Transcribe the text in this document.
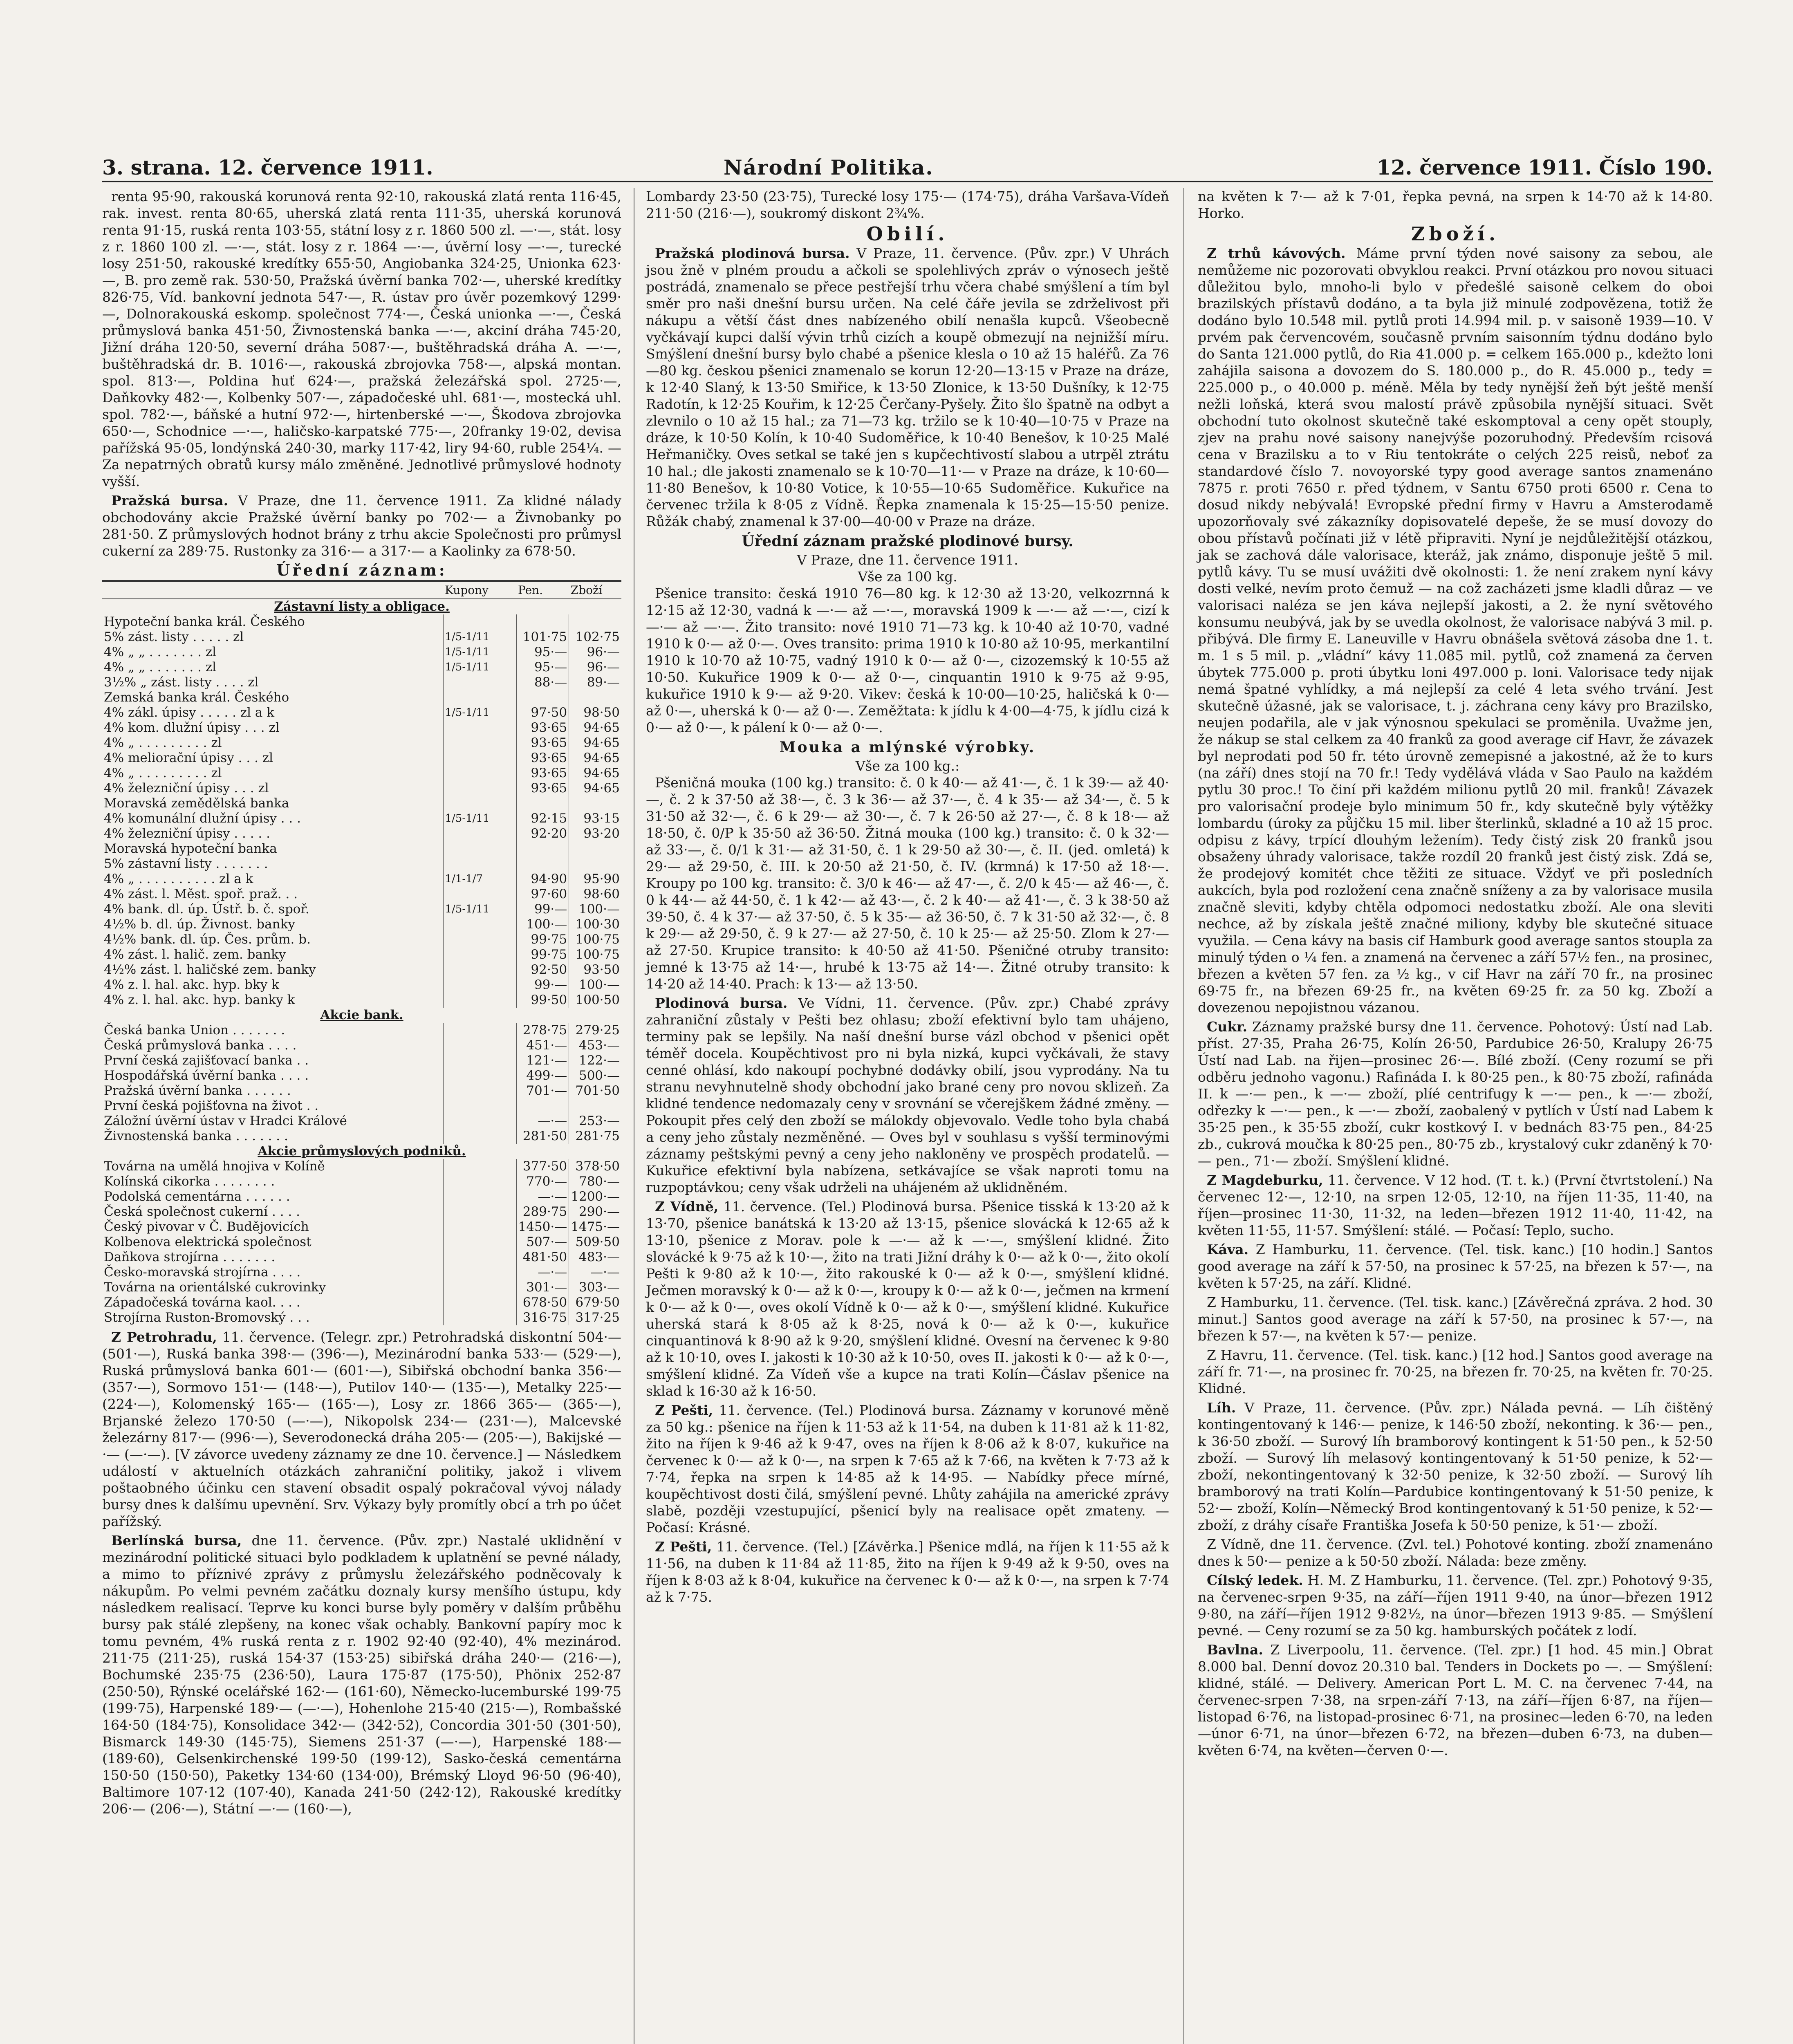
3. strana. 12. července 1911.	Národní Politika.	12. července 1911. Číslo 190.

renta 95·90, rakouská korunová renta 92·10, rakouská zlatá renta 116·45, rak. invest. renta 80·65, uherská zlatá renta 111·35, uherská korunová renta 91·15, ruská renta 103·55, státní losy z r. 1860 500 zl. —·—, stát. losy z r. 1860 100 zl. —·—, stát. losy z r. 1864 —·—, úvěrní losy —·—, turecké losy 251·50, rakouské kredítky 655·50, Angiobanka 324·25, Unionka 623·—, B. pro země rak. 530·50, Pražská úvěrní banka 702·—, uherské kredítky 826·75, Víd. bankovní jednota 547·—, R. ústav pro úvěr pozemkový 1299·—, Dolnorakouská eskomp. společnost 774·—, Česká unionka —·—, Česká průmyslová banka 451·50, Živnostenská banka —·—, akciní dráha 745·20, Jižní dráha 120·50, severní dráha 5087·—, buštěhradská dráha A. —·—, buštěhradská dr. B. 1016·—, rakouská zbrojovka 758·—, alpská montan. spol. 813·—, Poldina huť 624·—, pražská železářská spol. 2725·—, Daňkovky 482·—, Kolbenky 507·—, západočeské uhl. 681·—, mostecká uhl. spol. 782·—, báňské a hutní 972·—, hirtenberské —·—, Škodova zbrojovka 650·—, Schodnice —·—, haličsko-karpatské 775·—, 20franky 19·02, devisa pařížská 95·05, londýnská 240·30, marky 117·42, liry 94·60, ruble 254¼. — Za nepatrných obratů kursy málo změněné. Jednotlivé průmyslové hodnoty vyšší.

Pražská bursa. V Praze, dne 11. července 1911. Za klidné nálady obchodovány akcie Pražské úvěrní banky po 702·— a Živnobanky po 281·50. Z průmyslových hodnot brány z trhu akcie Společnosti pro průmysl cukerní za 289·75. Rustonky za 316·— a 317·— a Kaolinky za 678·50.

Úřední záznam:
	Kupony	Pen.	Zboží
Zástavní listy a obligace.			
Hypoteční banka král. Českého			
5% zást. listy . . . . . zl	1/5-1/11	101·75	102·75
4% „ „ . . . . . . . zl	1/5-1/11	95·—	96·—
4% „ „ . . . . . . . zl	1/5-1/11	95·—	96·—
3½% „ zást. listy . . . . zl		88·—	89·—
Zemská banka král. Českého			
4% zákl. úpisy . . . . . zl a k	1/5-1/11	97·50	98·50
4% kom. dlužní úpisy . . . zl		93·65	94·65
4% „ . . . . . . . . . zl		93·65	94·65
4% meliorační úpisy . . . zl		93·65	94·65
4% „ . . . . . . . . . zl		93·65	94·65
4% železniční úpisy . . . zl		93·65	94·65
Moravská zemědělská banka			
4% komunální dlužní úpisy . . .	1/5-1/11	92·15	93·15
4% železniční úpisy . . . . .		92·20	93·20
Moravská hypoteční banka			
5% zástavní listy . . . . . . .			
4% „ . . . . . . . . . . zl a k	1/1-1/7	94·90	95·90
4% zást. l. Měst. spoř. praž. . .		97·60	98·60
4% bank. dl. úp. Ústř. b. č. spoř.	1/5-1/11	99·—	100·—
4½% b. dl. úp. Živnost. banky		100·—	100·30
4½% bank. dl. úp. Čes. prům. b.		99·75	100·75
4% zást. l. halič. zem. banky		99·75	100·75
4½% zást. l. haličské zem. banky		92·50	93·50
4% z. l. hal. akc. hyp. bky k		99·—	100·—
4% z. l. hal. akc. hyp. banky k		99·50	100·50
Akcie bank.			
Česká banka Union . . . . . . .		278·75	279·25
Česká průmyslová banka . . . .		451·—	453·—
První česká zajišťovací banka . .		121·—	122·—
Hospodářská úvěrní banka . . . .		499·—	500·—
Pražská úvěrní banka . . . . . .		701·—	701·50
První česká pojišťovna na život . .			
Záložní úvěrní ústav v Hradci Králové		—·—	253·—
Živnostenská banka . . . . . . .		281·50	281·75
Akcie průmyslových podniků.			
Továrna na umělá hnojiva v Kolíně		377·50	378·50
Kolínská cikorka . . . . . . . .		770·—	780·—
Podolská cementárna . . . . . .		—·—	1200·—
Česká společnost cukerní . . . .		289·75	290·—
Český pivovar v Č. Budějovicích		1450·—	1475·—
Kolbenova elektrická společnost		507·—	509·50
Daňkova strojírna . . . . . . .		481·50	483·—
Česko-moravská strojírna . . . .		—·—	—·—
Továrna na orientálské cukrovinky		301·—	303·—
Západočeská továrna kaol. . . .		678·50	679·50
Strojírna Ruston-Bromovský . . .		316·75	317·25

Z Petrohradu, 11. července. (Telegr. zpr.) Petrohradská diskontní 504·— (501·—), Ruská banka 398·— (396·—), Mezinárodní banka 533·— (529·—), Ruská průmyslová banka 601·— (601·—), Sibiřská obchodní banka 356·— (357·—), Sormovo 151·— (148·—), Putilov 140·— (135·—), Metalky 225·— (224·—), Kolomenský 165·— (165·—), Losy zr. 1866 365·— (365·—), Brjanské železo 170·50 (—·—), Nikopolsk 234·— (231·—), Malcevské železárny 817·— (996·—), Severodonecká dráha 205·— (205·—), Bakijské —·— (—·—). [V závorce uvedeny záznamy ze dne 10. července.] — Následkem událostí v aktuelních otázkách zahraniční politiky, jakož i vlivem poštaobného účinku cen stavení obsadit ospalý pokračoval vývoj nálady bursy dnes k dalšímu upevnění. Srv. Výkazy byly promítly obcí a trh po účet pařížský.

Berlínská bursa, dne 11. července. (Pův. zpr.) Nastalé uklidnění v mezinárodní politické situaci bylo podkladem k uplatnění se pevné nálady, a mimo to příznivé zprávy z průmyslu železářského podněcovaly k nákupům. Po velmi pevném začátku doznaly kursy menšího ústupu, kdy následkem realisací. Teprve ku konci burse byly poměry v dalším průběhu bursy pak stálé zlepšeny, na konec však ochably. Bankovní papíry moc k tomu pevném, 4% ruská renta z r. 1902 92·40 (92·40), 4% mezinárod. 211·75 (211·25), ruská 154·37 (153·25) sibiřská dráha 240·— (216·—), Bochumské 235·75 (236·50), Laura 175·87 (175·50), Phönix 252·87 (250·50), Rýnské ocelářské 162·— (161·60), Německo-lucemburské 199·75 (199·75), Harpenské 189·— (—·—), Hohenlohe 215·40 (215·—), Rombašské 164·50 (184·75), Konsolidace 342·— (342·52), Concordia 301·50 (301·50), Bismarck 149·30 (145·75), Siemens 251·37 (—·—), Harpenské 188·— (189·60), Gelsenkirchenské 199·50 (199·12), Sasko-česká cementárna 150·50 (150·50), Paketky 134·60 (134·00), Brémský Lloyd 96·50 (96·40), Baltimore 107·12 (107·40), Kanada 241·50 (242·12), Rakouské kredítky 206·— (206·—), Státní —·— (160·—),

Lombardy 23·50 (23·75), Turecké losy 175·— (174·75), dráha Varšava-Vídeň 211·50 (216·—), soukromý diskont 2¾%.

Obilí.

Pražská plodinová bursa. V Praze, 11. července. (Pův. zpr.) V Uhrách jsou žně v plném proudu a ačkoli se spolehlivých zpráv o výnosech ještě postrádá, znamenalo se přece pestřejší trhu včera chabé smýšlení a tím byl směr pro naši dnešní bursu určen. Na celé čáře jevila se zdrželivost při nákupu a větší část dnes nabízeného obilí nenašla kupců. Všeobecně vyčkávají kupci další vývin trhů cizích a koupě obmezují na nejnižší míru. Smýšlení dnešní bursy bylo chabé a pšenice klesla o 10 až 15 haléřů. Za 76—80 kg. českou pšenici znamenalo se korun 12·20—13·15 v Praze na dráze, k 12·40 Slaný, k 13·50 Smiřice, k 13·50 Zlonice, k 13·50 Dušníky, k 12·75 Radotín, k 12·25 Kouřim, k 12·25 Čerčany-Pyšely. Žito šlo špatně na odbyt a zlevnilo o 10 až 15 hal.; za 71—73 kg. tržilo se k 10·40—10·75 v Praze na dráze, k 10·50 Kolín, k 10·40 Sudoměřice, k 10·40 Benešov, k 10·25 Malé Heřmaničky. Oves setkal se také jen s kupčechtivostí slabou a utrpěl ztrátu 10 hal.; dle jakosti znamenalo se k 10·70—11·— v Praze na dráze, k 10·60—11·80 Benešov, k 10·80 Votice, k 10·55—10·65 Sudoměřice. Kukuřice na červenec tržila k 8·05 z Vídně. Řepka znamenala k 15·25—15·50 penize. Růžák chabý, znamenal k 37·00—40·00 v Praze na dráze.

Úřední záznam pražské plodinové bursy.
V Praze, dne 11. července 1911.
Vše za 100 kg.

Pšenice transito: česká 1910 76—80 kg. k 12·30 až 13·20, velkozrnná k 12·15 až 12·30, vadná k —·— až —·—, moravská 1909 k —·— až —·—, cizí k —·— až —·—. Žito transito: nové 1910 71—73 kg. k 10·40 až 10·70, vadné 1910 k 0·— až 0·—. Oves transito: prima 1910 k 10·80 až 10·95, merkantilní 1910 k 10·70 až 10·75, vadný 1910 k 0·— až 0·—, cizozemský k 10·55 až 10·50. Kukuřice 1909 k 0·— až 0·—, cinquantin 1910 k 9·75 až 9·95, kukuřice 1910 k 9·— až 9·20. Vikev: česká k 10·00—10·25, haličská k 0·— až 0·—, uherská k 0·— až 0·—. Zeměžtata: k jídlu k 4·00—4·75, k jídlu cizá k 0·— až 0·—, k pálení k 0·— až 0·—.

Mouka a mlýnské výrobky.
Vše za 100 kg.:

Pšeničná mouka (100 kg.) transito: č. 0 k 40·— až 41·—, č. 1 k 39·— až 40·—, č. 2 k 37·50 až 38·—, č. 3 k 36·— až 37·—, č. 4 k 35·— až 34·—, č. 5 k 31·50 až 32·—, č. 6 k 29·— až 30·—, č. 7 k 26·50 až 27·—, č. 8 k 18·— až 18·50, č. 0/P k 35·50 až 36·50. Žitná mouka (100 kg.) transito: č. 0 k 32·— až 33·—, č. 0/1 k 31·— až 31·50, č. 1 k 29·50 až 30·—, č. II. (jed. omletá) k 29·— až 29·50, č. III. k 20·50 až 21·50, č. IV. (krmná) k 17·50 až 18·—. Kroupy po 100 kg. transito: č. 3/0 k 46·— až 47·—, č. 2/0 k 45·— až 46·—, č. 0 k 44·— až 44·50, č. 1 k 42·— až 43·—, č. 2 k 40·— až 41·—, č. 3 k 38·50 až 39·50, č. 4 k 37·— až 37·50, č. 5 k 35·— až 36·50, č. 7 k 31·50 až 32·—, č. 8 k 29·— až 29·50, č. 9 k 27·— až 27·50, č. 10 k 25·— až 25·50. Zlom k 27·— až 27·50. Krupice transito: k 40·50 až 41·50. Pšeničné otruby transito: jemné k 13·75 až 14·—, hrubé k 13·75 až 14·—. Žitné otruby transito: k 14·20 až 14·40. Prach: k 13·— až 13·50.

Plodinová bursa. Ve Vídni, 11. července. (Pův. zpr.) Chabé zprávy zahraniční zůstaly v Pešti bez ohlasu; zboží efektivní bylo tam uhájeno, terminy pak se lepšily. Na naší dnešní burse vázl obchod v pšenici opět téměř docela. Koupěchtivost pro ni byla nizká, kupci vyčkávali, že stavy cenné ohlásí, kdo nakoupí pochybné dodávky obilí, jsou vyprodány. Na tu stranu nevyhnutelně shody obchodní jako brané ceny pro novou sklizeň. Za klidné tendence nedomazaly ceny v srovnání se včerejškem žádné změny. — Pokoupit přes celý den zboží se málokdy objevovalo. Vedle toho byla chabá a ceny jeho zůstaly nezměněné. — Oves byl v souhlasu s vyšší terminovými záznamy peštskými pevný a ceny jeho nakloněny ve prospěch prodatelů. — Kukuřice efektivní byla nabízena, setkávajíce se však naproti tomu na ruzpoptávkou; ceny však udrželi na uhájeném až uklidněném.

Z Vídně, 11. července. (Tel.) Plodinová bursa. Pšenice tisská k 13·20 až k 13·70, pšenice banátská k 13·20 až 13·15, pšenice slovácká k 12·65 až k 13·10, pšenice z Morav. pole k —·— až k —·—, smýšlení klidné. Žito slovácké k 9·75 až k 10·—, žito na trati Jižní dráhy k 0·— až k 0·—, žito okolí Pešti k 9·80 až k 10·—, žito rakouské k 0·— až k 0·—, smýšlení klidné. Ječmen moravský k 0·— až k 0·—, kroupy k 0·— až k 0·—, ječmen na krmení k 0·— až k 0·—, oves okolí Vídně k 0·— až k 0·—, smýšlení klidné. Kukuřice uherská stará k 8·05 až k 8·25, nová k 0·— až k 0·—, kukuřice cinquantinová k 8·90 až k 9·20, smýšlení klidné. Ovesní na červenec k 9·80 až k 10·10, oves I. jakosti k 10·30 až k 10·50, oves II. jakosti k 0·— až k 0·—, smýšlení klidné. Za Vídeň vše a kupce na trati Kolín—Čáslav pšenice na sklad k 16·30 až k 16·50.

Z Pešti, 11. července. (Tel.) Plodinová bursa. Záznamy v korunové měně za 50 kg.: pšenice na říjen k 11·53 až k 11·54, na duben k 11·81 až k 11·82, žito na říjen k 9·46 až k 9·47, oves na říjen k 8·06 až k 8·07, kukuřice na červenec k 0·— až k 0·—, na srpen k 7·65 až k 7·66, na květen k 7·73 až k 7·74, řepka na srpen k 14·85 až k 14·95. — Nabídky přece mírné, koupěchtivost dosti čilá, smýšlení pevné. Lhůty zahájila na americké zprávy slabě, později vzestupující, pšenicí byly na realisace opět zmateny. — Počasí: Krásné.

Z Pešti, 11. července. (Tel.) [Závěrka.] Pšenice mdlá, na říjen k 11·55 až k 11·56, na duben k 11·84 až 11·85, žito na říjen k 9·49 až k 9·50, oves na říjen k 8·03 až k 8·04, kukuřice na červenec k 0·— až k 0·—, na srpen k 7·74 až k 7·75.

na květen k 7·— až k 7·01, řepka pevná, na srpen k 14·70 až k 14·80. Horko.

Zboží.

Z trhů kávových. Máme první týden nové saisony za sebou, ale nemůžeme nic pozorovati obvyklou reakci. První otázkou pro novou situaci důležitou bylo, mnoho-li bylo v předešlé saisoně celkem do oboi brazilských přístavů dodáno, a ta byla již minulé zodpovězena, totiž že dodáno bylo 10.548 mil. pytlů proti 14.994 mil. p. v saisoně 1939—10. V prvém pak červencovém, současně prvním saisonním týdnu dodáno bylo do Santa 121.000 pytlů, do Ria 41.000 p. = celkem 165.000 p., kdežto loni zahájila saisona a dovozem do S. 180.000 p., do R. 45.000 p., tedy = 225.000 p., o 40.000 p. méně. Měla by tedy nynější žeň být ještě menší nežli loňská, která svou malostí právě způsobila nynější situaci. Svět obchodní tuto okolnost skutečně také eskomptoval a ceny opět stouply, zjev na prahu nové saisony nanejvýše pozoruhodný. Především rcisová cena v Brazilsku a to v Riu tentokráte o celých 225 reisů, neboť za standardové číslo 7. novoyorské typy good average santos znamenáno 7875 r. proti 7650 r. před týdnem, v Santu 6750 proti 6500 r. Cena to dosud nikdy nebývalá! Evropské přední firmy v Havru a Amsterodamě upozorňovaly své zákazníky dopisovatelé depeše, že se musí dovozy do obou přístavů počínati již v létě připraviti. Nyní je nejdůležitější otázkou, jak se zachová dále valorisace, kteráž, jak známo, disponuje ještě 5 mil. pytlů kávy. Tu se musí uvážiti dvě okolnosti: 1. že není zrakem nyní kávy dosti velké, nevím proto čemuž — na což zacházeti jsme kladli důraz — ve valorisaci naléza se jen káva nejlepší jakosti, a 2. že nyní světového konsumu neubývá, jak by se uvedla okolnost, že valorisace nabývá 3 mil. p. přibývá. Dle firmy E. Laneuville v Havru obnášela světová zásoba dne 1. t. m. 1 s 5 mil. p. „vládní“ kávy 11.085 mil. pytlů, což znamená za červen úbytek 775.000 p. proti úbytku loni 497.000 p. loni. Valorisace tedy nijak nemá špatné vyhlídky, a má nejlepší za celé 4 leta svého trvání. Jest skutečně úžasné, jak se valorisace, t. j. záchrana ceny kávy pro Brazilsko, neujen podařila, ale v jak výnosnou spekulaci se proměnila. Uvažme jen, že nákup se stal celkem za 40 franků za good average cif Havr, že závazek byl neprodati pod 50 fr. této úrovně zemepisné a jakostné, až že to kurs (na září) dnes stojí na 70 fr.! Tedy vydělává vláda v Sao Paulo na každém pytlu 30 proc.! To činí při každém milionu pytlů 20 mil. franků! Závazek pro valorisační prodeje bylo minimum 50 fr., kdy skutečně byly výtěžky lombardu (úroky za půjčku 15 mil. liber šterlinků, skladné a 10 až 15 proc. odpisu z kávy, trpící dlouhým ležením). Tedy čistý zisk 20 franků jsou obsaženy úhrady valorisace, takže rozdíl 20 franků jest čistý zisk. Zdá se, že prodejový komitét chce těžiti ze situace. Vždyť ve při posledních aukcích, byla pod rozložení cena značně sníženy a za by valorisace musila značně sleviti, kdyby chtěla odpomoci nedostatku zboží. Ale ona sleviti nechce, až by získala ještě značné miliony, kdyby ble skutečné situace využila. — Cena kávy na basis cif Hamburk good average santos stoupla za minulý týden o ¼ fen. a znamená na červenec a září 57½ fen., na prosinec, březen a květen 57 fen. za ½ kg., v cif Havr na září 70 fr., na prosinec 69·75 fr., na březen 69·25 fr., na květen 69·25 fr. za 50 kg. Zboží a dovezenou nepojistnou vázanou.

Cukr. Záznamy pražské bursy dne 11. července. Pohotový: Ústí nad Lab. příst. 27·35, Praha 26·75, Kolín 26·50, Pardubice 26·50, Kralupy 26·75 Ústí nad Lab. na řijen—prosinec 26·—. Bílé zboží. (Ceny rozumí se při odběru jednoho vagonu.) Rafináda I. k 80·25 pen., k 80·75 zboží, rafináda II. k —·— pen., k —·— zboží, plíé centrifugy k —·— pen., k —·— zboží, odřezky k —·— pen., k —·— zboží, zaobalený v pytlích v Ústí nad Labem k 35·25 pen., k 35·55 zboží, cukr kostkový I. v bednách 83·75 pen., 84·25 zb., cukrová moučka k 80·25 pen., 80·75 zb., krystalový cukr zdaněný k 70·— pen., 71·— zboží. Smýšlení klidné.

Z Magdeburku, 11. července. V 12 hod. (T. t. k.) (První čtvrtstolení.) Na červenec 12·—, 12·10, na srpen 12·05, 12·10, na říjen 11·35, 11·40, na říjen—prosinec 11·30, 11·32, na leden—březen 1912 11·40, 11·42, na květen 11·55, 11·57. Smýšlení: stálé. — Počasí: Teplo, sucho.

Káva. Z Hamburku, 11. července. (Tel. tisk. kanc.) [10 hodin.] Santos good average na září k 57·50, na prosinec k 57·25, na březen k 57·—, na květen k 57·25, na září. Klidné.

Z Hamburku, 11. července. (Tel. tisk. kanc.) [Závěrečná zpráva. 2 hod. 30 minut.] Santos good average na září k 57·50, na prosinec k 57·—, na březen k 57·—, na květen k 57·— penize.

Z Havru, 11. července. (Tel. tisk. kanc.) [12 hod.] Santos good average na září fr. 71·—, na prosinec fr. 70·25, na březen fr. 70·25, na květen fr. 70·25. Klidné.

Líh. V Praze, 11. července. (Pův. zpr.) Nálada pevná. — Líh čištěný kontingentovaný k 146·— penize, k 146·50 zboží, nekonting. k 36·— pen., k 36·50 zboží. — Surový líh bramborový kontingent k 51·50 pen., k 52·50 zboží. — Surový líh melasový kontingentovaný k 51·50 penize, k 52·— zboží, nekontingentovaný k 32·50 penize, k 32·50 zboží. — Surový líh bramborový na trati Kolín—Pardubice kontingentovaný k 51·50 penize, k 52·— zboží, Kolín—Německý Brod kontingentovaný k 51·50 penize, k 52·— zboží, z dráhy císaře Františka Josefa k 50·50 penize, k 51·— zboží.

Z Vídně, dne 11. července. (Zvl. tel.) Pohotové konting. zboží znamenáno dnes k 50·— penize a k 50·50 zboží. Nálada: beze změny.

Cílský ledek. H. M. Z Hamburku, 11. července. (Tel. zpr.) Pohotový 9·35, na červenec-srpen 9·35, na září—říjen 1911 9·40, na únor—březen 1912 9·80, na září—říjen 1912 9·82½, na únor—březen 1913 9·85. — Smýšlení pevné. — Ceny rozumí se za 50 kg. hamburských počátek z lodí.

Bavlna. Z Liverpoolu, 11. července. (Tel. zpr.) [1 hod. 45 min.] Obrat 8.000 bal. Denní dovoz 20.310 bal. Tenders in Dockets po —. — Smýšlení: klidné, stálé. — Delivery. American Port L. M. C. na červenec 7·44, na červenec-srpen 7·38, na srpen-září 7·13, na září—říjen 6·87, na říjen—listopad 6·76, na listopad-prosinec 6·71, na prosinec—leden 6·70, na leden—únor 6·71, na únor—březen 6·72, na březen—duben 6·73, na duben—květen 6·74, na květen—červen 0·—.
